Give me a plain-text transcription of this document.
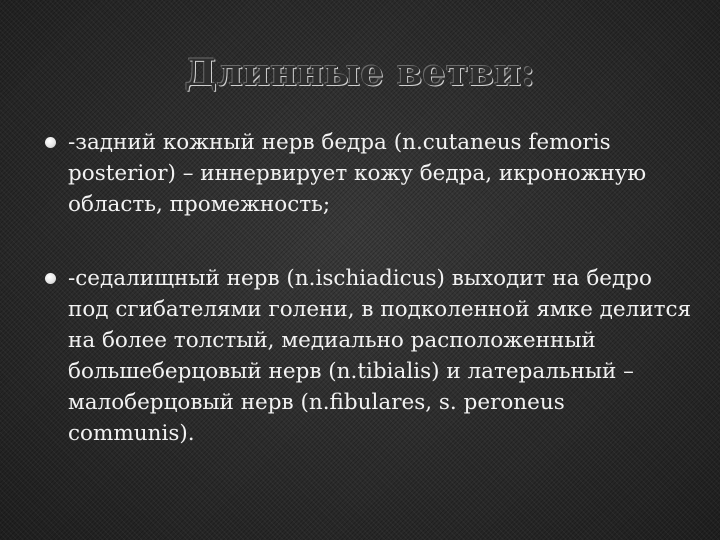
Длинные ветви:
-задний кожный нерв бедра (n.cutaneus femoris posterior) – иннервирует кожу бедра, икроножную область, промежность;
-седалищный нерв (n.ischiadicus) выходит на бедро под сгибателями голени, в подколенной ямке делится на более толстый, медиально расположенный большеберцовый нерв (n.tibialis) и латеральный – малоберцовый нерв (n.fibulares, s. peroneus communis).
